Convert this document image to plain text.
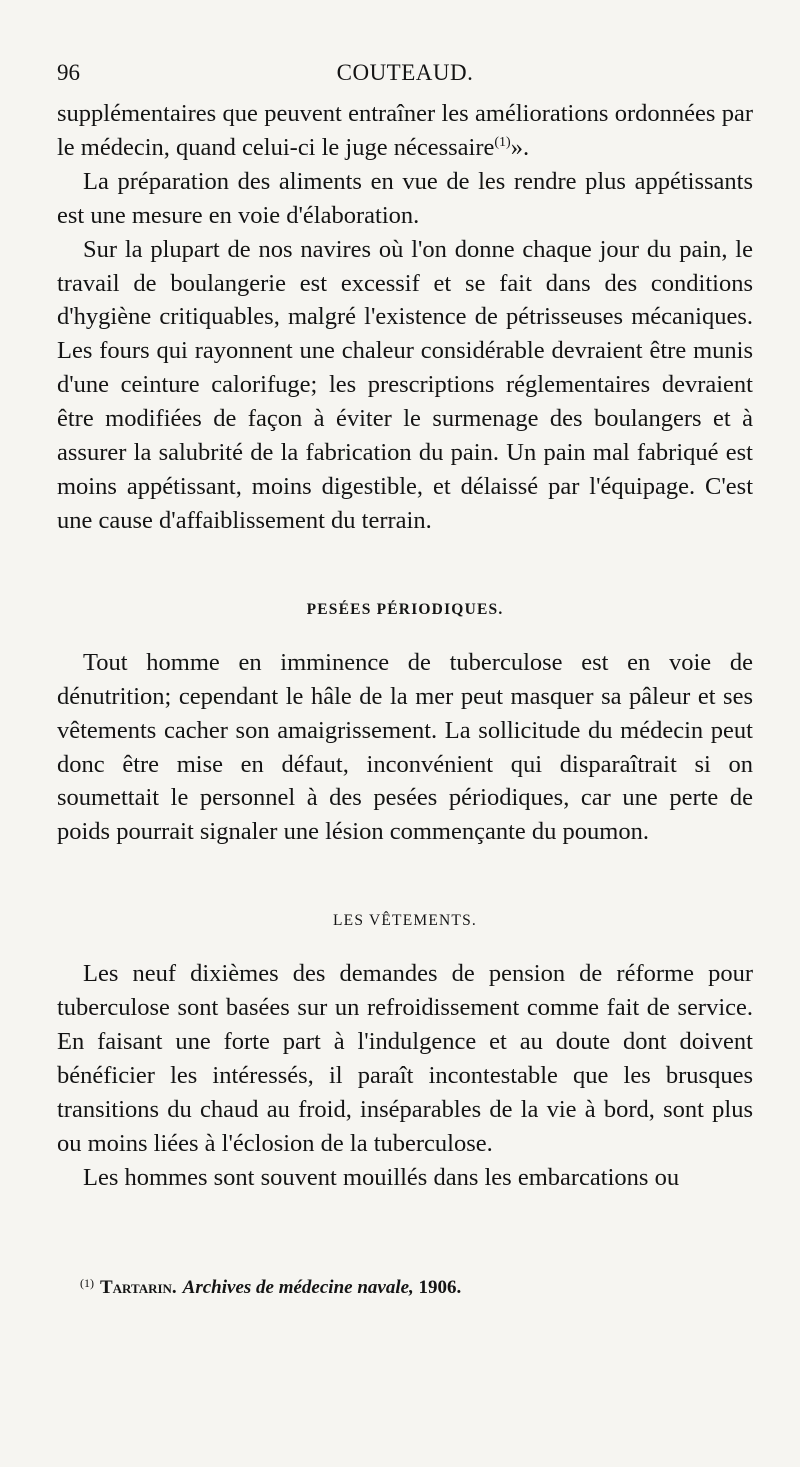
96	COUTEAUD.

supplémentaires que peuvent entraîner les améliorations ordonnées par le médecin, quand celui-ci le juge nécessaire$^{(1)}$».

La préparation des aliments en vue de les rendre plus appétissants est une mesure en voie d'élaboration.

Sur la plupart de nos navires où l'on donne chaque jour du pain, le travail de boulangerie est excessif et se fait dans des conditions d'hygiène critiquables, malgré l'existence de pétrisseuses mécaniques. Les fours qui rayonnent une chaleur considérable devraient être munis d'une ceinture calorifuge; les prescriptions réglementaires devraient être modifiées de façon à éviter le surmenage des boulangers et à assurer la salubrité de la fabrication du pain. Un pain mal fabriqué est moins appétissant, moins digestible, et délaissé par l'équipage. C'est une cause d'affaiblissement du terrain.

PESÉES PÉRIODIQUES.

Tout homme en imminence de tuberculose est en voie de dénutrition; cependant le hâle de la mer peut masquer sa pâleur et ses vêtements cacher son amaigrissement. La sollicitude du médecin peut donc être mise en défaut, inconvénient qui disparaîtrait si on soumettait le personnel à des pesées périodiques, car une perte de poids pourrait signaler une lésion commençante du poumon.

LES VÊTEMENTS.

Les neuf dixièmes des demandes de pension de réforme pour tuberculose sont basées sur un refroidissement comme fait de service. En faisant une forte part à l'indulgence et au doute dont doivent bénéficier les intéressés, il paraît incontestable que les brusques transitions du chaud au froid, inséparables de la vie à bord, sont plus ou moins liées à l'éclosion de la tuberculose.

Les hommes sont souvent mouillés dans les embarcations ou

$^{(1)}$ Tartarin. Archives de médecine navale, 1906.
